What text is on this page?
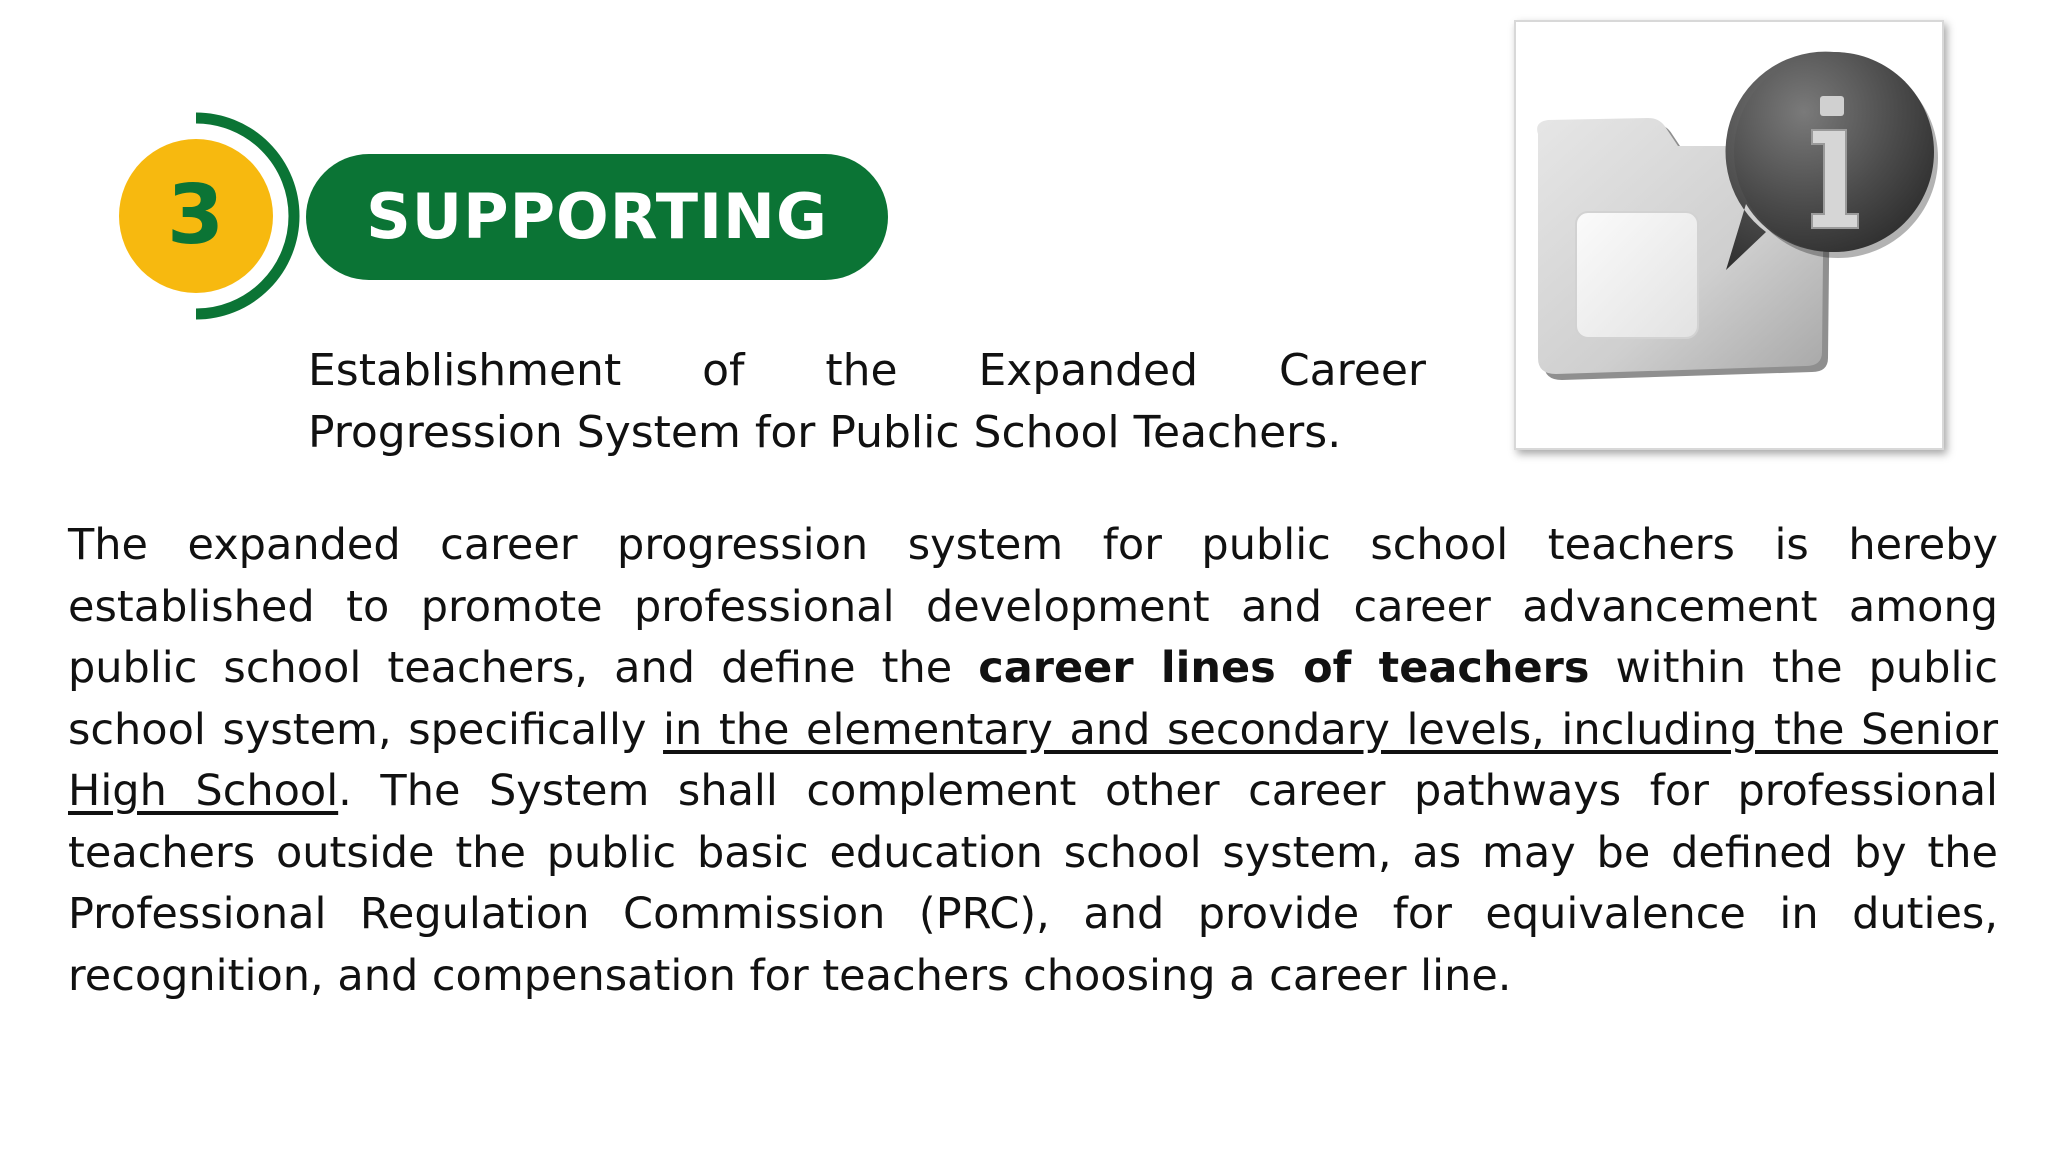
3	SUPPORTING
Establishment of the Expanded Career Progression System for Public School Teachers.
The expanded career progression system for public school teachers is hereby established to promote professional development and career advancement among public school teachers, and define the career lines of teachers within the public school system, specifically in the elementary and secondary levels, including the Senior High School. The System shall complement other career pathways for professional teachers outside the public basic education school system, as may be defined by the Professional Regulation Commission (PRC), and provide for equivalence in duties, recognition, and compensation for teachers choosing a career line.
